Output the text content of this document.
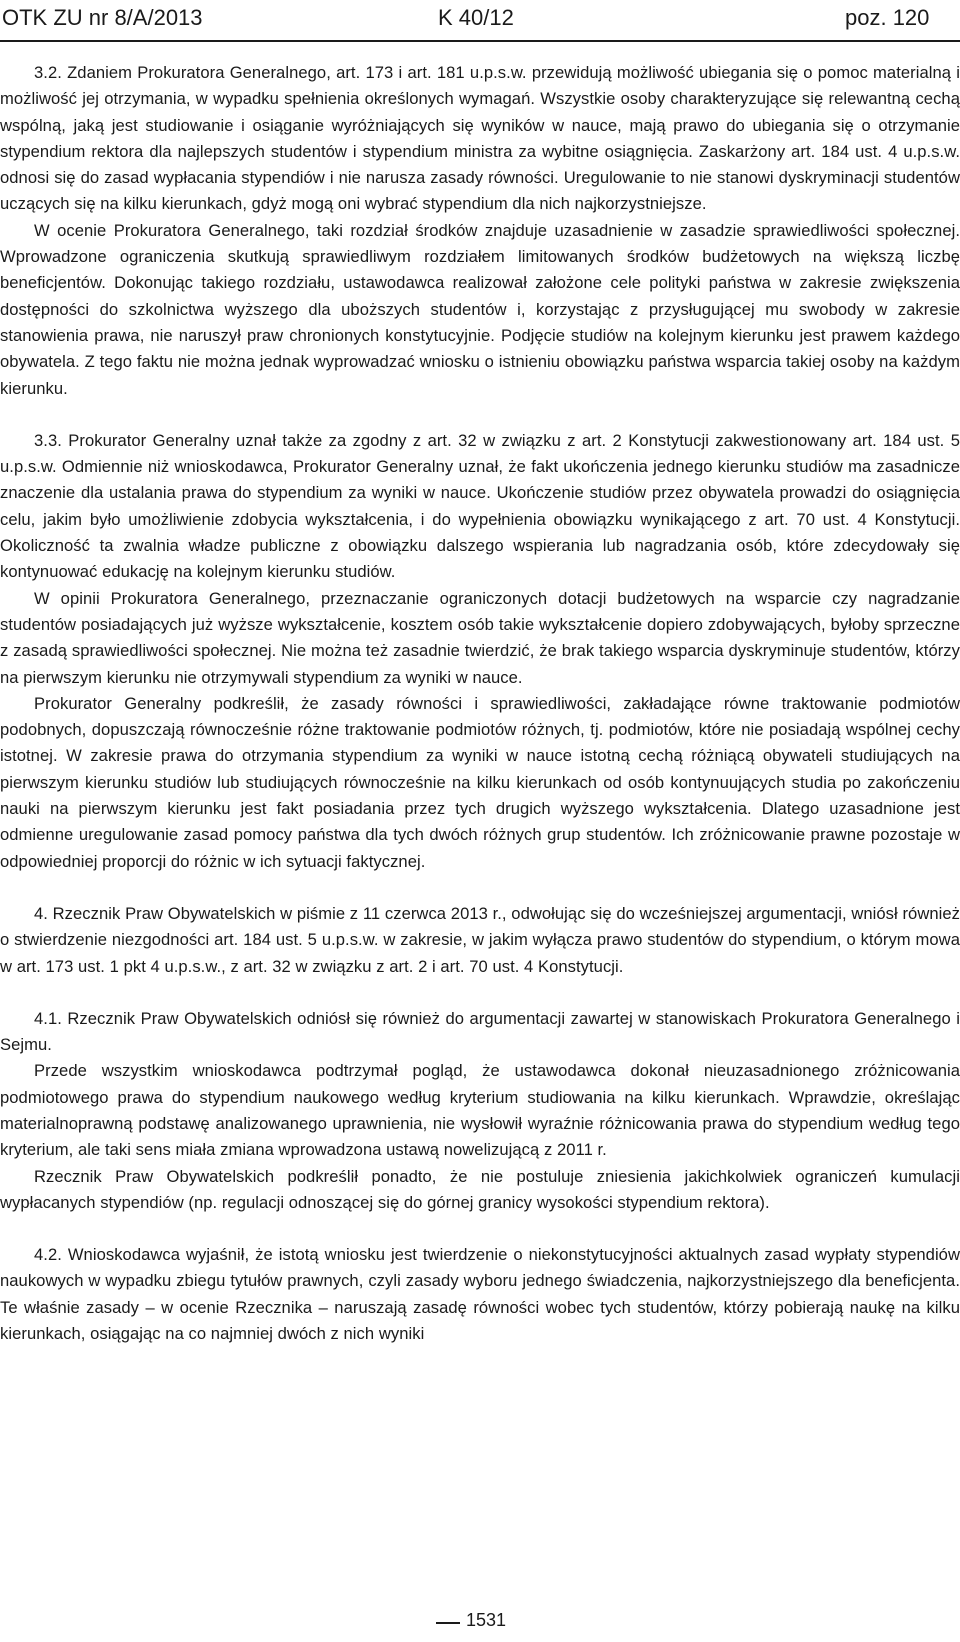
OTK ZU nr 8/A/2013	K 40/12	poz. 120

3.2. Zdaniem Prokuratora Generalnego, art. 173 i art. 181 u.p.s.w. przewidują możliwość ubiegania się o pomoc materialną i możliwość jej otrzymania, w wypadku spełnienia określonych wymagań. Wszystkie osoby charakteryzujące się relewantną cechą wspólną, jaką jest studiowanie i osiąganie wyróżniających się wyników w nauce, mają prawo do ubiegania się o otrzymanie stypendium rektora dla najlepszych studentów i stypendium ministra za wybitne osiągnięcia. Zaskarżony art. 184 ust. 4 u.p.s.w. odnosi się do zasad wypłacania stypendiów i nie narusza zasady równości. Uregulowanie to nie stanowi dyskryminacji studentów uczących się na kilku kierunkach, gdyż mogą oni wybrać stypendium dla nich najkorzystniejsze.

W ocenie Prokuratora Generalnego, taki rozdział środków znajduje uzasadnienie w zasadzie sprawiedliwości społecznej. Wprowadzone ograniczenia skutkują sprawiedliwym rozdziałem limitowanych środków budżetowych na większą liczbę beneficjentów. Dokonując takiego rozdziału, ustawodawca realizował założone cele polityki państwa w zakresie zwiększenia dostępności do szkolnictwa wyższego dla uboższych studentów i, korzystając z przysługującej mu swobody w zakresie stanowienia prawa, nie naruszył praw chronionych konstytucyjnie. Podjęcie studiów na kolejnym kierunku jest prawem każdego obywatela. Z tego faktu nie można jednak wyprowadzać wniosku o istnieniu obowiązku państwa wsparcia takiej osoby na każdym kierunku.

3.3. Prokurator Generalny uznał także za zgodny z art. 32 w związku z art. 2 Konstytucji zakwestionowany art. 184 ust. 5 u.p.s.w. Odmiennie niż wnioskodawca, Prokurator Generalny uznał, że fakt ukończenia jednego kierunku studiów ma zasadnicze znaczenie dla ustalania prawa do stypendium za wyniki w nauce. Ukończenie studiów przez obywatela prowadzi do osiągnięcia celu, jakim było umożliwienie zdobycia wykształcenia, i do wypełnienia obowiązku wynikającego z art. 70 ust. 4 Konstytucji. Okoliczność ta zwalnia władze publiczne z obowiązku dalszego wspierania lub nagradzania osób, które zdecydowały się kontynuować edukację na kolejnym kierunku studiów.

W opinii Prokuratora Generalnego, przeznaczanie ograniczonych dotacji budżetowych na wsparcie czy nagradzanie studentów posiadających już wyższe wykształcenie, kosztem osób takie wykształcenie dopiero zdobywających, byłoby sprzeczne z zasadą sprawiedliwości społecznej. Nie można też zasadnie twierdzić, że brak takiego wsparcia dyskryminuje studentów, którzy na pierwszym kierunku nie otrzymywali stypendium za wyniki w nauce.

Prokurator Generalny podkreślił, że zasady równości i sprawiedliwości, zakładające równe traktowanie podmiotów podobnych, dopuszczają równocześnie różne traktowanie podmiotów różnych, tj. podmiotów, które nie posiadają wspólnej cechy istotnej. W zakresie prawa do otrzymania stypendium za wyniki w nauce istotną cechą różniącą obywateli studiujących na pierwszym kierunku studiów lub studiujących równocześnie na kilku kierunkach od osób kontynuujących studia po zakończeniu nauki na pierwszym kierunku jest fakt posiadania przez tych drugich wyższego wykształcenia. Dlatego uzasadnione jest odmienne uregulowanie zasad pomocy państwa dla tych dwóch różnych grup studentów. Ich zróżnicowanie prawne pozostaje w odpowiedniej proporcji do różnic w ich sytuacji faktycznej.

4. Rzecznik Praw Obywatelskich w piśmie z 11 czerwca 2013 r., odwołując się do wcześniejszej argumentacji, wniósł również o stwierdzenie niezgodności art. 184 ust. 5 u.p.s.w. w zakresie, w jakim wyłącza prawo studentów do stypendium, o którym mowa w art. 173 ust. 1 pkt 4 u.p.s.w., z art. 32 w związku z art. 2 i art. 70 ust. 4 Konstytucji.

4.1. Rzecznik Praw Obywatelskich odniósł się również do argumentacji zawartej w stanowiskach Prokuratora Generalnego i Sejmu.

Przede wszystkim wnioskodawca podtrzymał pogląd, że ustawodawca dokonał nieuzasadnionego zróżnicowania podmiotowego prawa do stypendium naukowego według kryterium studiowania na kilku kierunkach. Wprawdzie, określając materialnoprawną podstawę analizowanego uprawnienia, nie wysłowił wyraźnie różnicowania prawa do stypendium według tego kryterium, ale taki sens miała zmiana wprowadzona ustawą nowelizującą z 2011 r.

Rzecznik Praw Obywatelskich podkreślił ponadto, że nie postuluje zniesienia jakichkolwiek ograniczeń kumulacji wypłacanych stypendiów (np. regulacji odnoszącej się do górnej granicy wysokości stypendium rektora).

4.2. Wnioskodawca wyjaśnił, że istotą wniosku jest twierdzenie o niekonstytucyjności aktualnych zasad wypłaty stypendiów naukowych w wypadku zbiegu tytułów prawnych, czyli zasady wyboru jednego świadczenia, najkorzystniejszego dla beneficjenta. Te właśnie zasady – w ocenie Rzecznika – naruszają zasadę równości wobec tych studentów, którzy pobierają naukę na kilku kierunkach, osiągając na co najmniej dwóch z nich wyniki

1531
